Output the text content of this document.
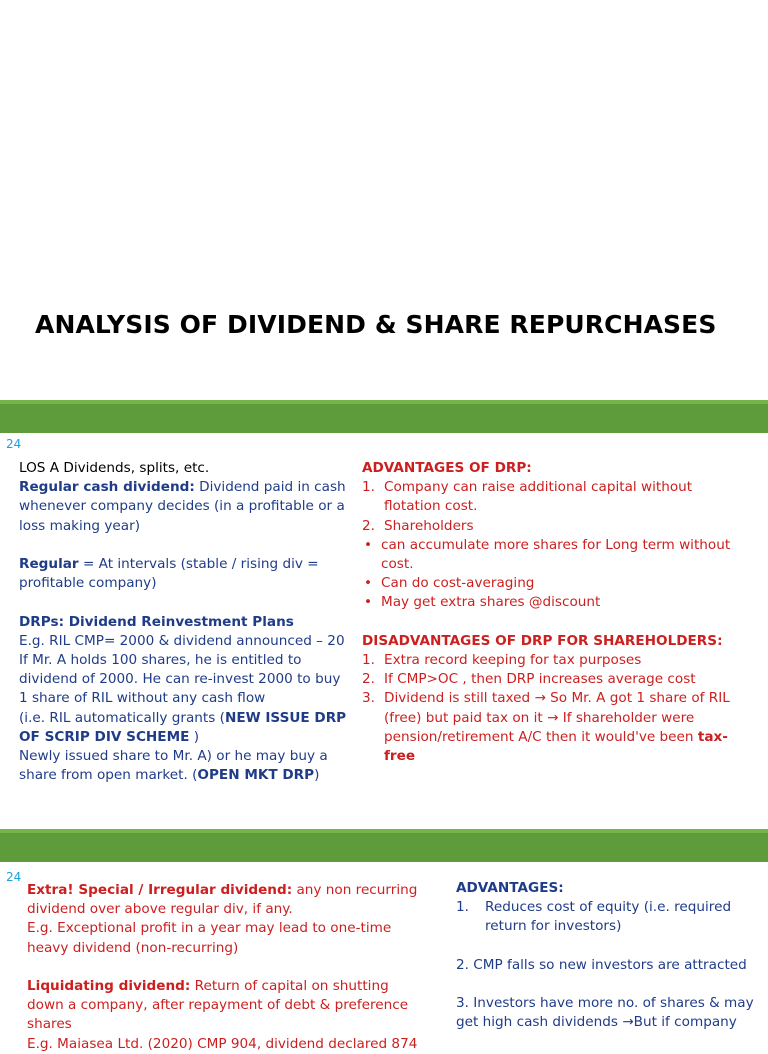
ANALYSIS OF DIVIDEND & SHARE REPURCHASES
24

LOS A Dividends, splits, etc.

Regular cash dividend: Dividend paid in cash whenever company decides (in a profitable or a loss making year)

Regular = At intervals (stable / rising div = profitable company)

DRPs: Dividend Reinvestment Plans

E.g. RIL CMP= 2000 & dividend announced – 20

If Mr. A holds 100 shares, he is entitled to dividend of 2000. He can re-invest 2000 to buy 1 share of RIL without any cash flow

(i.e. RIL automatically grants (NEW ISSUE DRP OF SCRIP DIV SCHEME )

Newly issued share to Mr. A) or he may buy a share from open market. (OPEN MKT DRP)

ADVANTAGES OF DRP:

1. Company can raise additional capital without flotation cost.
2. Shareholders
• can accumulate more shares for Long term without cost.
• Can do cost-averaging
• May get extra shares @discount

DISADVANTAGES OF DRP FOR SHAREHOLDERS:

1. Extra record keeping for tax purposes
2. If CMP>OC , then DRP increases average cost
3. Dividend is still taxed → So Mr. A got 1 share of RIL (free) but paid tax on it → If shareholder were pension/retirement A/C then it would've been tax-free
24

Extra! Special / Irregular dividend: any non recurring dividend over above regular div, if any.

E.g. Exceptional profit in a year may lead to one-time heavy dividend (non-recurring)

Liquidating dividend: Return of capital on shutting down a company, after repayment of debt & preference shares

E.g. Maiasea Ltd. (2020) CMP 904, dividend declared 874

ADVANTAGES:

1. Reduces cost of equity (i.e. required return for investors)

2. CMP falls so new investors are attracted

3. Investors have more no. of shares & may get high cash dividends →But if company
